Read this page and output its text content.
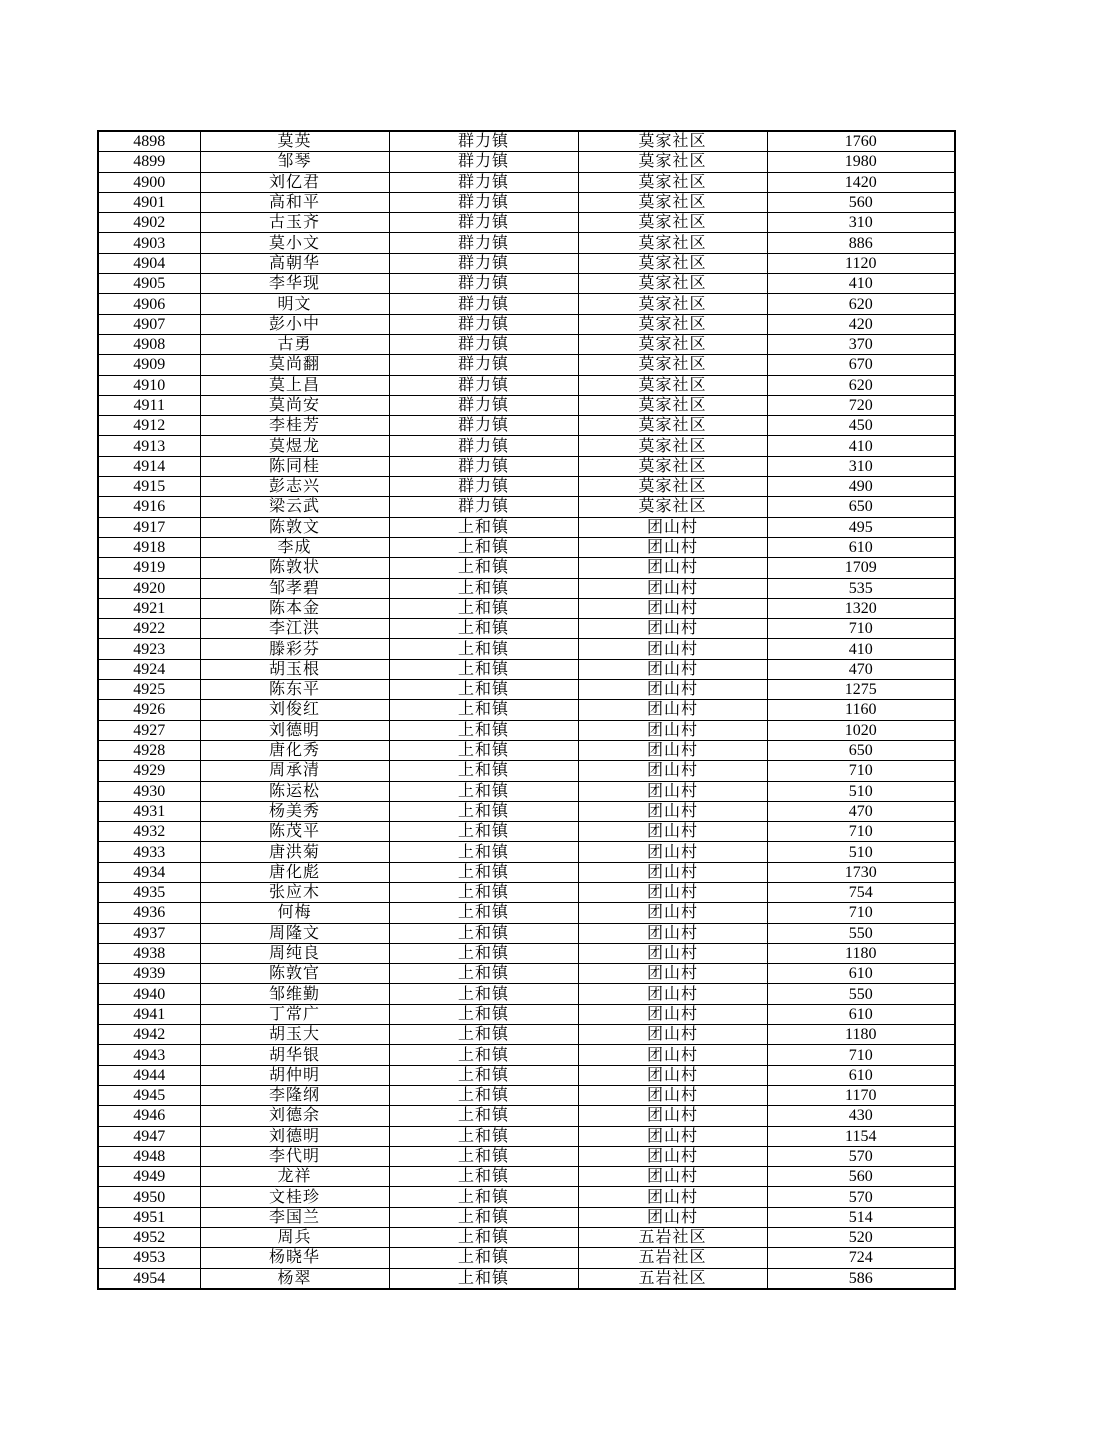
4898	莫英	群力镇	莫家社区	1760
4899	邹琴	群力镇	莫家社区	1980
4900	刘亿君	群力镇	莫家社区	1420
4901	高和平	群力镇	莫家社区	560
4902	古玉齐	群力镇	莫家社区	310
4903	莫小文	群力镇	莫家社区	886
4904	高朝华	群力镇	莫家社区	1120
4905	李华现	群力镇	莫家社区	410
4906	明文	群力镇	莫家社区	620
4907	彭小中	群力镇	莫家社区	420
4908	古勇	群力镇	莫家社区	370
4909	莫尚翻	群力镇	莫家社区	670
4910	莫上昌	群力镇	莫家社区	620
4911	莫尚安	群力镇	莫家社区	720
4912	李桂芳	群力镇	莫家社区	450
4913	莫煜龙	群力镇	莫家社区	410
4914	陈同桂	群力镇	莫家社区	310
4915	彭志兴	群力镇	莫家社区	490
4916	梁云武	群力镇	莫家社区	650
4917	陈敦文	上和镇	团山村	495
4918	李成	上和镇	团山村	610
4919	陈敦状	上和镇	团山村	1709
4920	邹孝碧	上和镇	团山村	535
4921	陈本金	上和镇	团山村	1320
4922	李江洪	上和镇	团山村	710
4923	滕彩芬	上和镇	团山村	410
4924	胡玉根	上和镇	团山村	470
4925	陈东平	上和镇	团山村	1275
4926	刘俊红	上和镇	团山村	1160
4927	刘德明	上和镇	团山村	1020
4928	唐化秀	上和镇	团山村	650
4929	周承清	上和镇	团山村	710
4930	陈运松	上和镇	团山村	510
4931	杨美秀	上和镇	团山村	470
4932	陈茂平	上和镇	团山村	710
4933	唐洪菊	上和镇	团山村	510
4934	唐化彪	上和镇	团山村	1730
4935	张应木	上和镇	团山村	754
4936	何梅	上和镇	团山村	710
4937	周隆文	上和镇	团山村	550
4938	周纯良	上和镇	团山村	1180
4939	陈敦官	上和镇	团山村	610
4940	邹维勤	上和镇	团山村	550
4941	丁常广	上和镇	团山村	610
4942	胡玉大	上和镇	团山村	1180
4943	胡华银	上和镇	团山村	710
4944	胡仲明	上和镇	团山村	610
4945	李隆纲	上和镇	团山村	1170
4946	刘德余	上和镇	团山村	430
4947	刘德明	上和镇	团山村	1154
4948	李代明	上和镇	团山村	570
4949	龙祥	上和镇	团山村	560
4950	文桂珍	上和镇	团山村	570
4951	李国兰	上和镇	团山村	514
4952	周兵	上和镇	五岩社区	520
4953	杨晓华	上和镇	五岩社区	724
4954	杨翠	上和镇	五岩社区	586
